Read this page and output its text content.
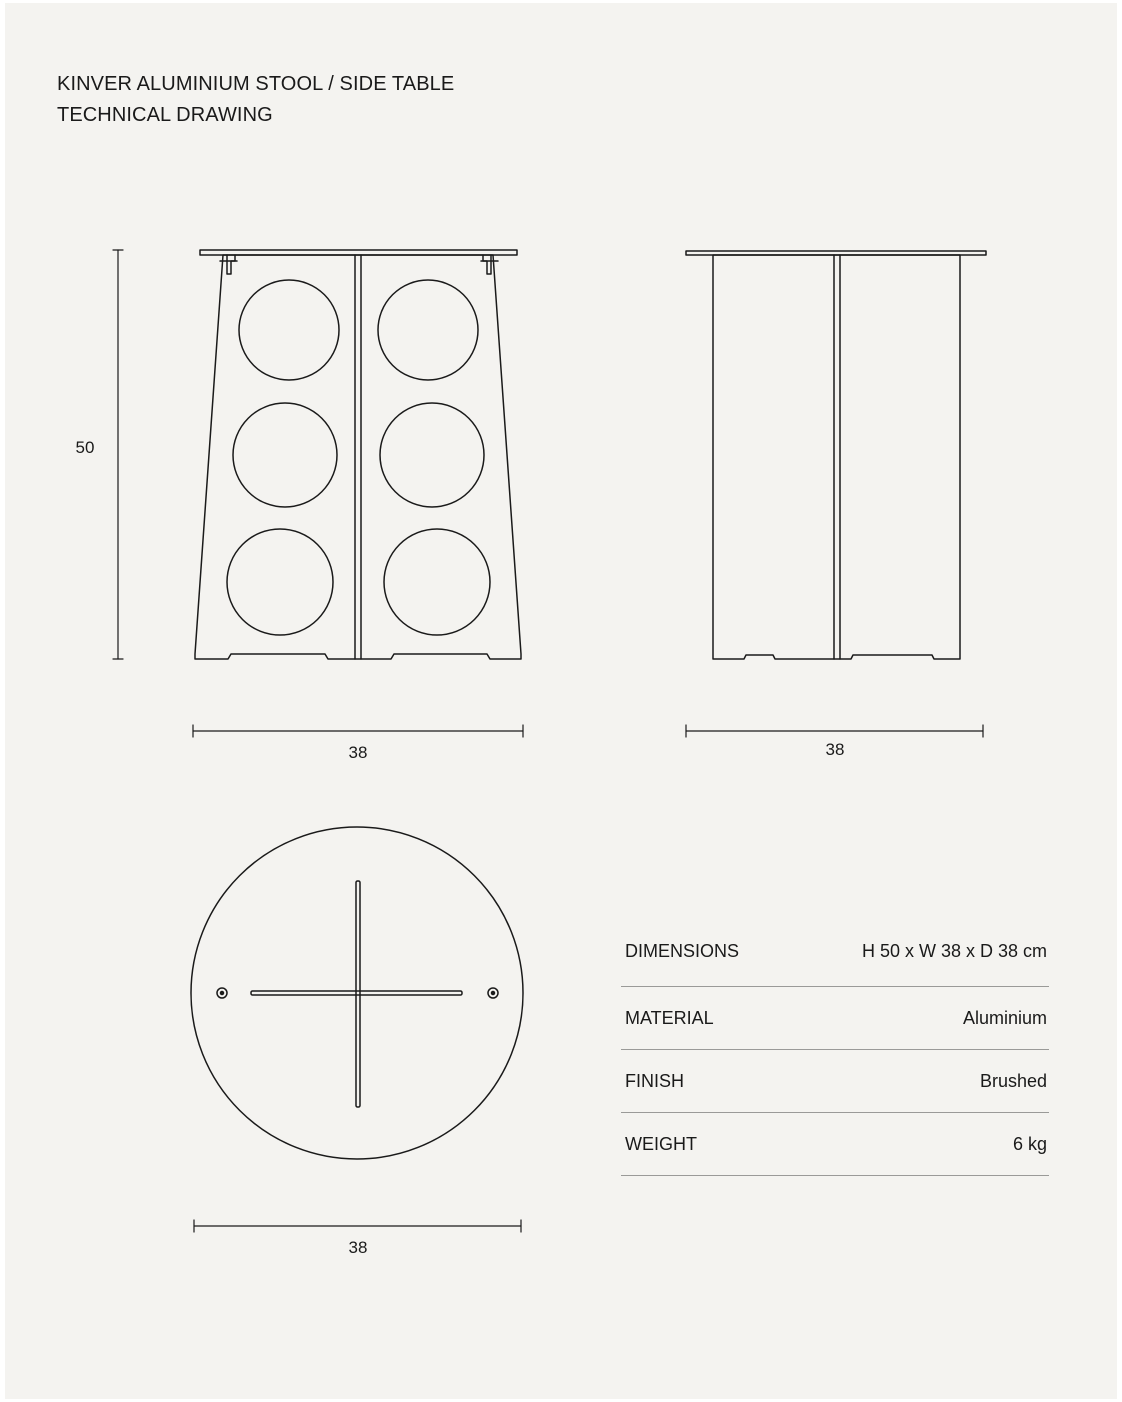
KINVER ALUMINIUM STOOL / SIDE TABLE
TECHNICAL DRAWING
50
38	38
38
DIMENSIONS	H 50 x W 38 x D 38 cm
MATERIAL	Aluminium
FINISH	Brushed
WEIGHT	6 kg
